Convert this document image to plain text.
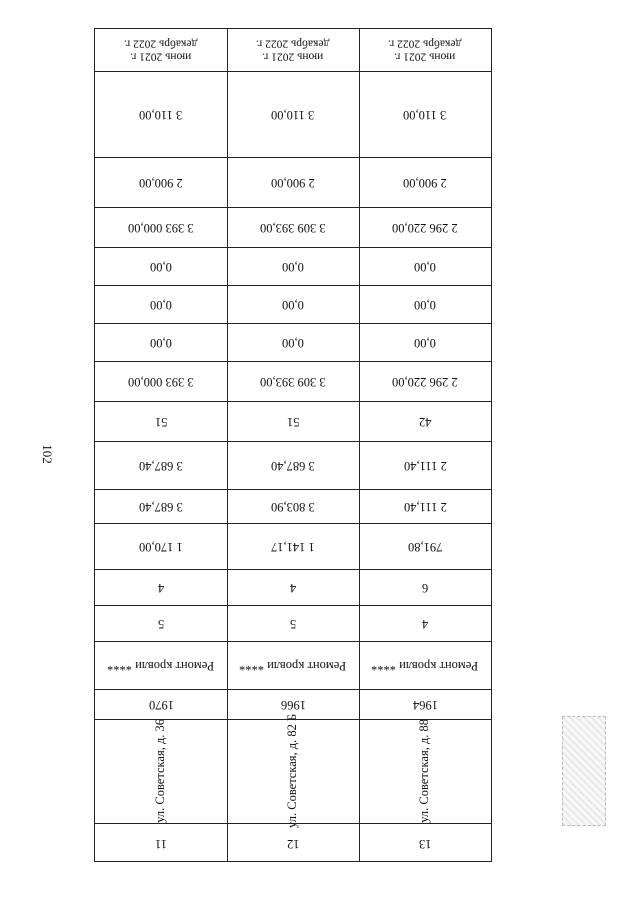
102
июнь 2021 г.
декабрь 2022 г.
3 110,00
2 900,00
3 393 000,00
0,00
0,00
0,00
3 393 000,00
51
3 687,40
3 687,40
1 170,00
4
5
Ремонт кровли ****
1970
ул. Советская, д. 36
11
июнь 2021 г.
декабрь 2022 г.
3 110,00
2 900,00
3 309 393,00
0,00
0,00
0,00
3 309 393,00
51
3 687,40
3 803,90
1 141,17
4
5
Ремонт кровли ****
1966
ул. Советская, д. 82 Б
12
июнь 2021 г.
декабрь 2022 г.
3 110,00
2 900,00
2 296 220,00
0,00
0,00
0,00
2 296 220,00
42
2 111,40
2 111,40
791,80
6
4
Ремонт кровли ****
1964
ул. Советская, д. 88
13
